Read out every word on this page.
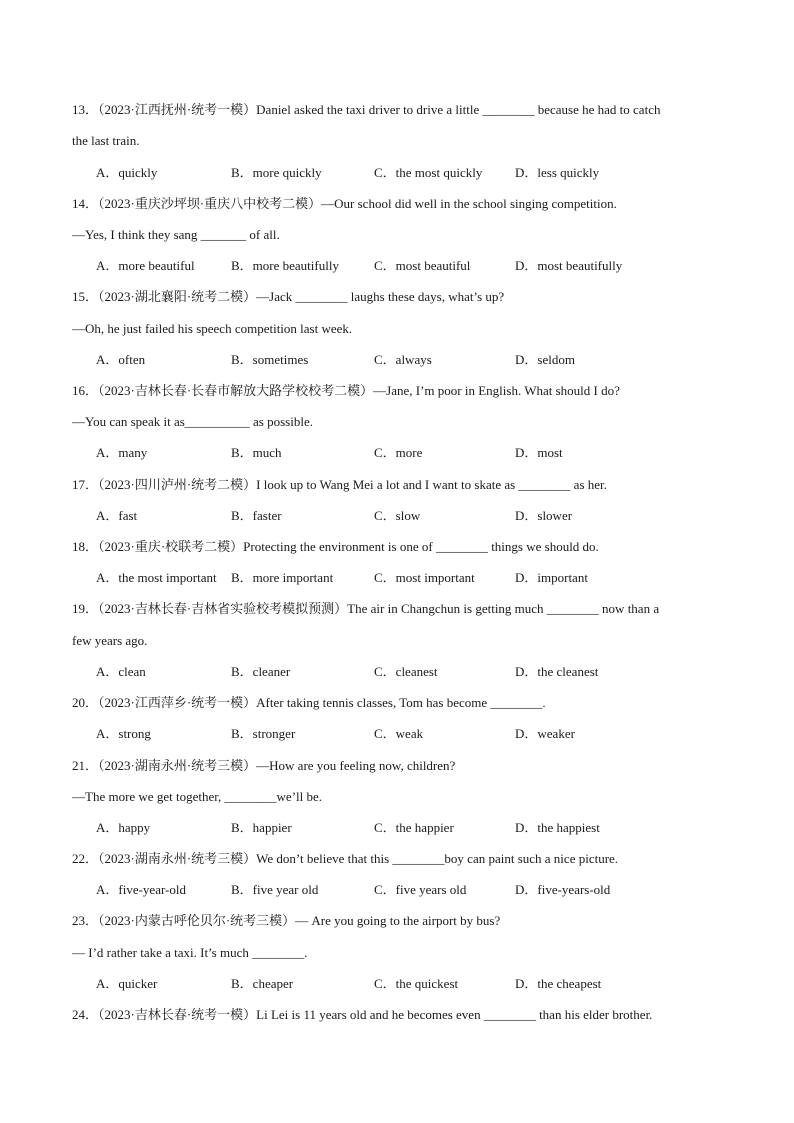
13．（2023·江西抚州·统考一模）Daniel asked the taxi driver to drive a little ________ because he had to catch
the last train.
A．quickly	B．more quickly	C．the most quickly	D．less quickly
14．（2023·重庆沙坪坝·重庆八中校考二模）—Our school did well in the school singing competition.
—Yes, I think they sang _______ of all.
A．more beautiful	B．more beautifully	C．most beautiful	D．most beautifully
15．（2023·湖北襄阳·统考二模）—Jack ________ laughs these days, what’s up?
—Oh, he just failed his speech competition last week.
A．often	B．sometimes	C．always	D．seldom
16．（2023·吉林长春·长春市解放大路学校校考二模）—Jane, I’m poor in English. What should I do?
—You can speak it as__________ as possible.
A．many	B．much	C．more	D．most
17．（2023·四川泸州·统考二模）I look up to Wang Mei a lot and I want to skate as ________ as her.
A．fast	B．faster	C．slow	D．slower
18．（2023·重庆·校联考二模）Protecting the environment is one of ________ things we should do.
A．the most important B．more important	C．most important	D．important
19．（2023·吉林长春·吉林省实验校考模拟预测）The air in Changchun is getting much ________ now than a
few years ago.
A．clean	B．cleaner	C．cleanest	D．the cleanest
20．（2023·江西萍乡·统考一模）After taking tennis classes, Tom has become ________.
A．strong	B．stronger	C．weak	D．weaker
21．（2023·湖南永州·统考三模）—How are you feeling now, children?
—The more we get together, ________we’ll be.
A．happy	B．happier	C．the happier	D．the happiest
22．（2023·湖南永州·统考三模）We don’t believe that this ________boy can paint such a nice picture.
A．five-year-old	B．five year old	C．five years old	D．five-years-old
23．（2023·内蒙古呼伦贝尔·统考三模）— Are you going to the airport by bus?
— I’d rather take a taxi. It’s much ________.
A．quicker	B．cheaper	C．the quickest	D．the cheapest
24．（2023·吉林长春·统考一模）Li Lei is 11 years old and he becomes even ________ than his elder brother.
